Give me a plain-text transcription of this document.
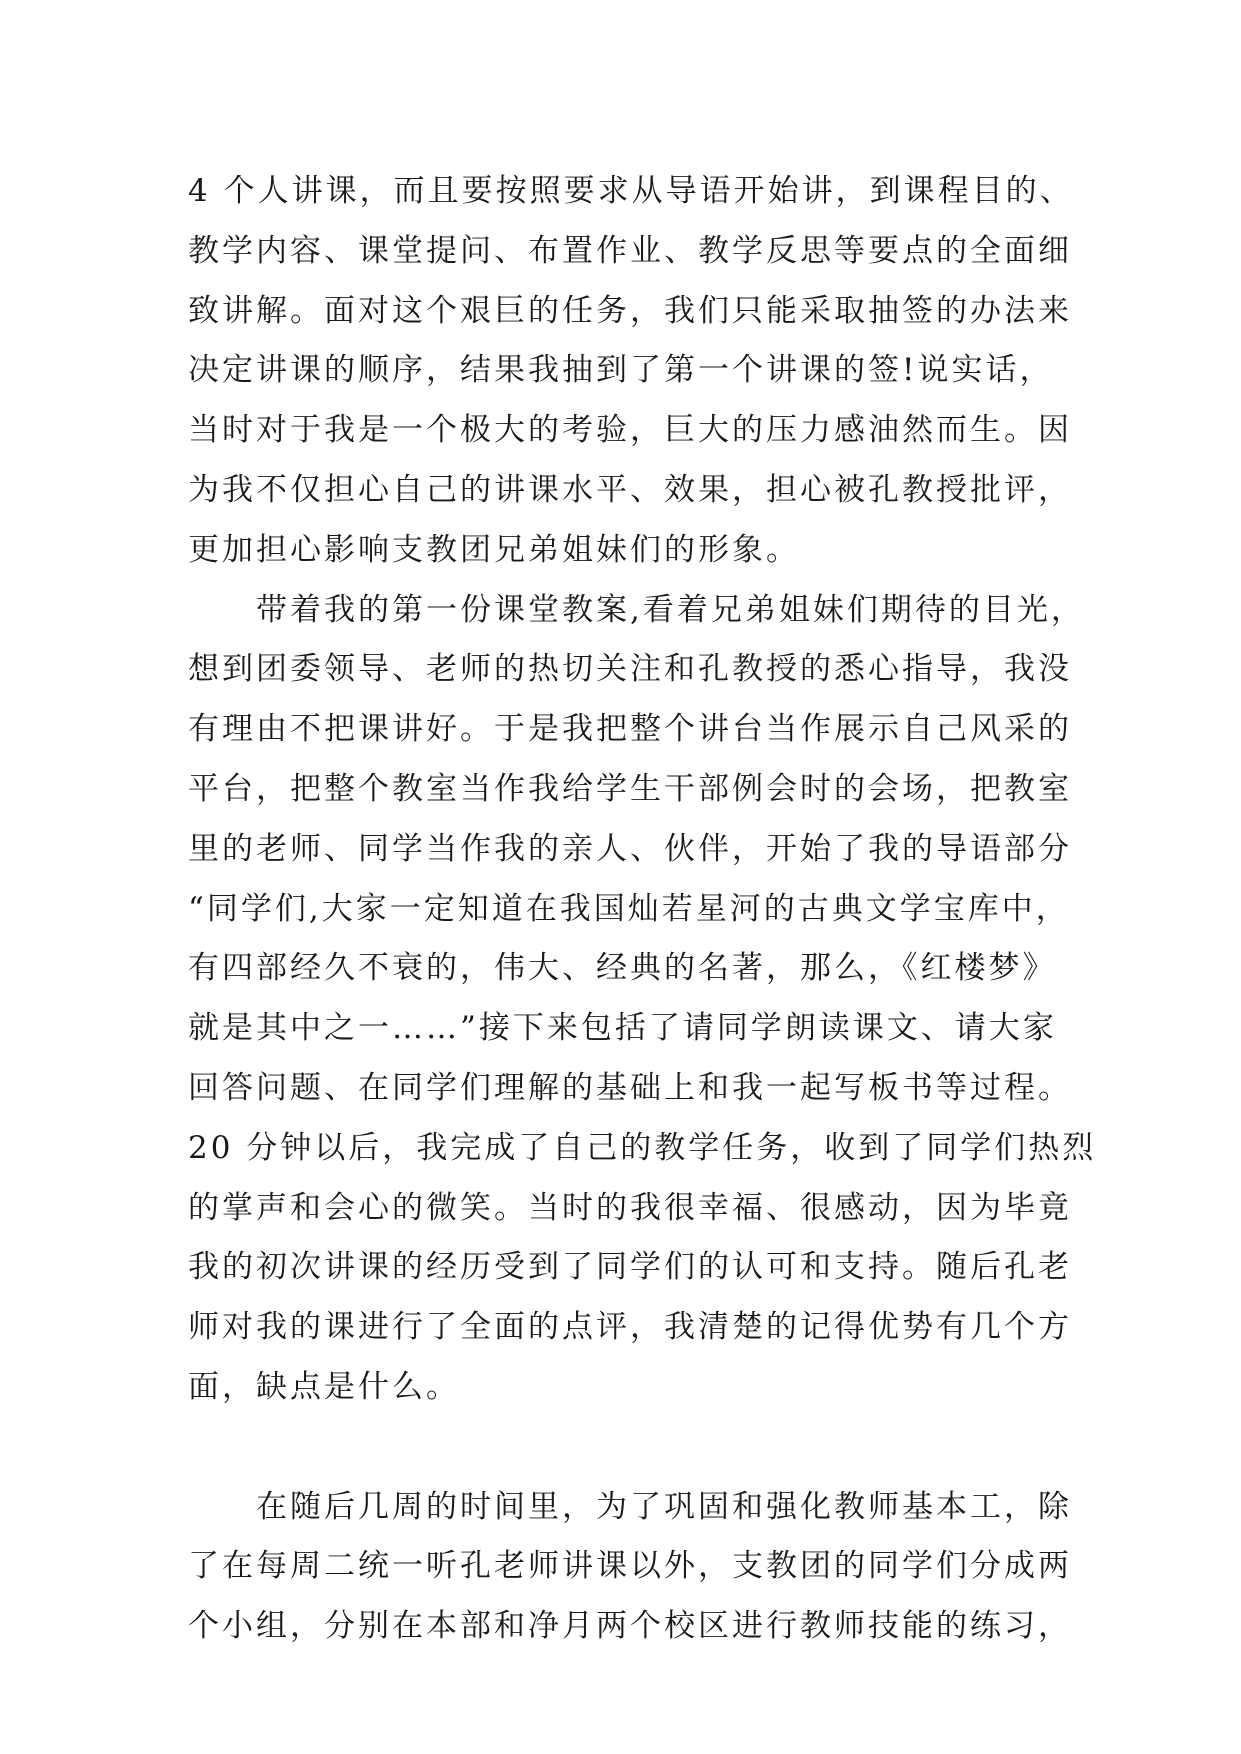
4 个人讲课，而且要按照要求从导语开始讲，到课程目的、
教学内容、课堂提问、布置作业、教学反思等要点的全面细
致讲解。面对这个艰巨的任务，我们只能采取抽签的办法来
决定讲课的顺序，结果我抽到了第一个讲课的签!说实话，
当时对于我是一个极大的考验，巨大的压力感油然而生。因
为我不仅担心自己的讲课水平、效果，担心被孔教授批评，
更加担心影响支教团兄弟姐妹们的形象。
带着我的第一份课堂教案,看着兄弟姐妹们期待的目光，
想到团委领导、老师的热切关注和孔教授的悉心指导，我没
有理由不把课讲好。于是我把整个讲台当作展示自己风采的
平台，把整个教室当作我给学生干部例会时的会场，把教室
里的老师、同学当作我的亲人、伙伴，开始了我的导语部分
“同学们,大家一定知道在我国灿若星河的古典文学宝库中，
有四部经久不衰的，伟大、经典的名著，那么，《红楼梦》
就是其中之一……”接下来包括了请同学朗读课文、请大家
回答问题、在同学们理解的基础上和我一起写板书等过程。
20 分钟以后，我完成了自己的教学任务，收到了同学们热烈
的掌声和会心的微笑。当时的我很幸福、很感动，因为毕竟
我的初次讲课的经历受到了同学们的认可和支持。随后孔老
师对我的课进行了全面的点评，我清楚的记得优势有几个方
面，缺点是什么。
在随后几周的时间里，为了巩固和强化教师基本工，除
了在每周二统一听孔老师讲课以外，支教团的同学们分成两
个小组，分别在本部和净月两个校区进行教师技能的练习，
